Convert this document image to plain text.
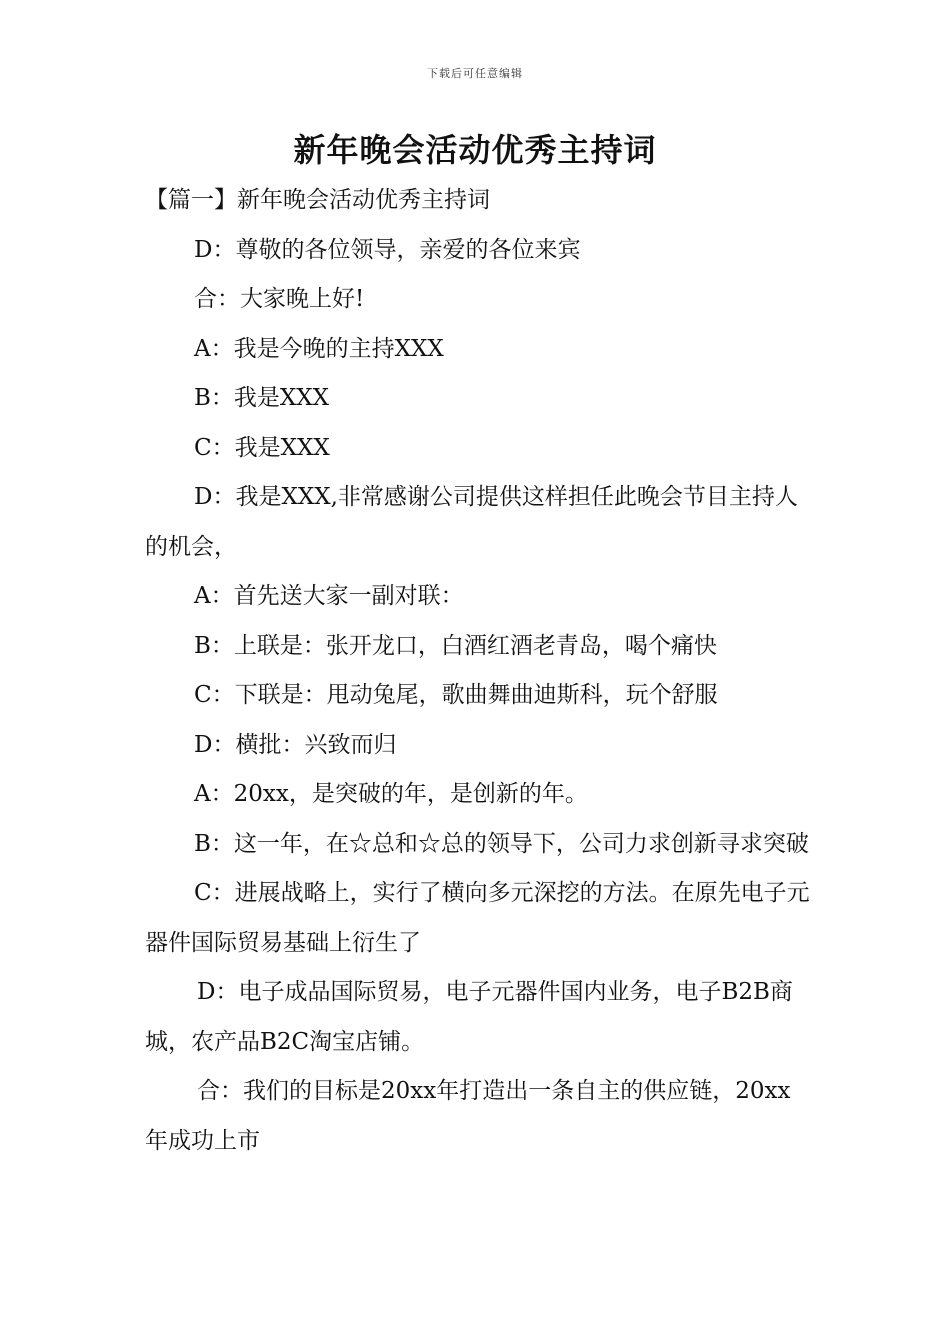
下载后可任意编辑
新年晚会活动优秀主持词

【篇一】新年晚会活动优秀主持词

D：尊敬的各位领导，亲爱的各位来宾

合：大家晚上好!

A：我是今晚的主持XXX

B：我是XXX

C：我是XXX

D：我是XXX,非常感谢公司提供这样担任此晚会节目主持人的机会，

A：首先送大家一副对联：

B：上联是：张开龙口，白酒红酒老青岛，喝个痛快

C：下联是：甩动兔尾，歌曲舞曲迪斯科，玩个舒服

D：横批：兴致而归

A：20xx，是突破的年，是创新的年。

B：这一年，在☆总和☆总的领导下，公司力求创新寻求突破

C：进展战略上，实行了横向多元深挖的方法。在原先电子元器件国际贸易基础上衍生了

D：电子成品国际贸易，电子元器件国内业务，电子B2B商城，农产品B2C淘宝店铺。

合：我们的目标是20xx年打造出一条自主的供应链，20xx年成功上市
